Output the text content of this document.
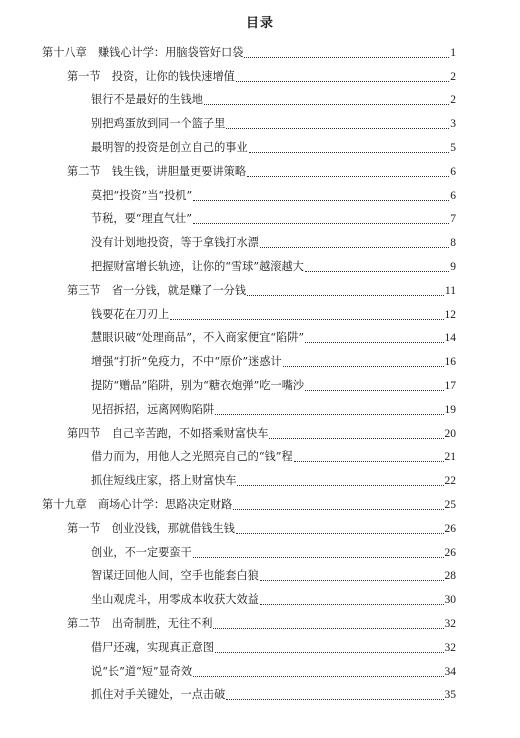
目录
第十八章　赚钱心计学：用脑袋管好口袋	1
第一节　投资，让你的钱快速增值	2
银行不是最好的生钱地	2
别把鸡蛋放到同一个篮子里	3
最明智的投资是创立自己的事业	5
第二节　钱生钱，讲胆量更要讲策略	6
莫把“投资”当“投机”	6
节税，要“理直气壮”	7
没有计划地投资，等于拿钱打水漂	8
把握财富增长轨迹，让你的“雪球”越滚越大	9
第三节　省一分钱，就是赚了一分钱	11
钱要花在刀刃上	12
慧眼识破“处理商品”，不入商家便宜“陷阱”	14
增强“打折”免疫力，不中“原价”迷惑计	16
提防“赠品”陷阱，别为“糖衣炮弹”吃一嘴沙	17
见招拆招，远离网购陷阱	19
第四节　自己辛苦跑，不如搭乘财富快车	20
借力而为，用他人之光照亮自己的“钱”程	21
抓住短线庄家，搭上财富快车	22
第十九章　商场心计学：思路决定财路	25
第一节　创业没钱，那就借钱生钱	26
创业，不一定要蛮干	26
智谋迂回他人间，空手也能套白狼	28
坐山观虎斗，用零成本收获大效益	30
第二节　出奇制胜，无往不利	32
借尸还魂，实现真正意图	32
说“长”道“短”显奇效	34
抓住对手关键处，一点击破	35
